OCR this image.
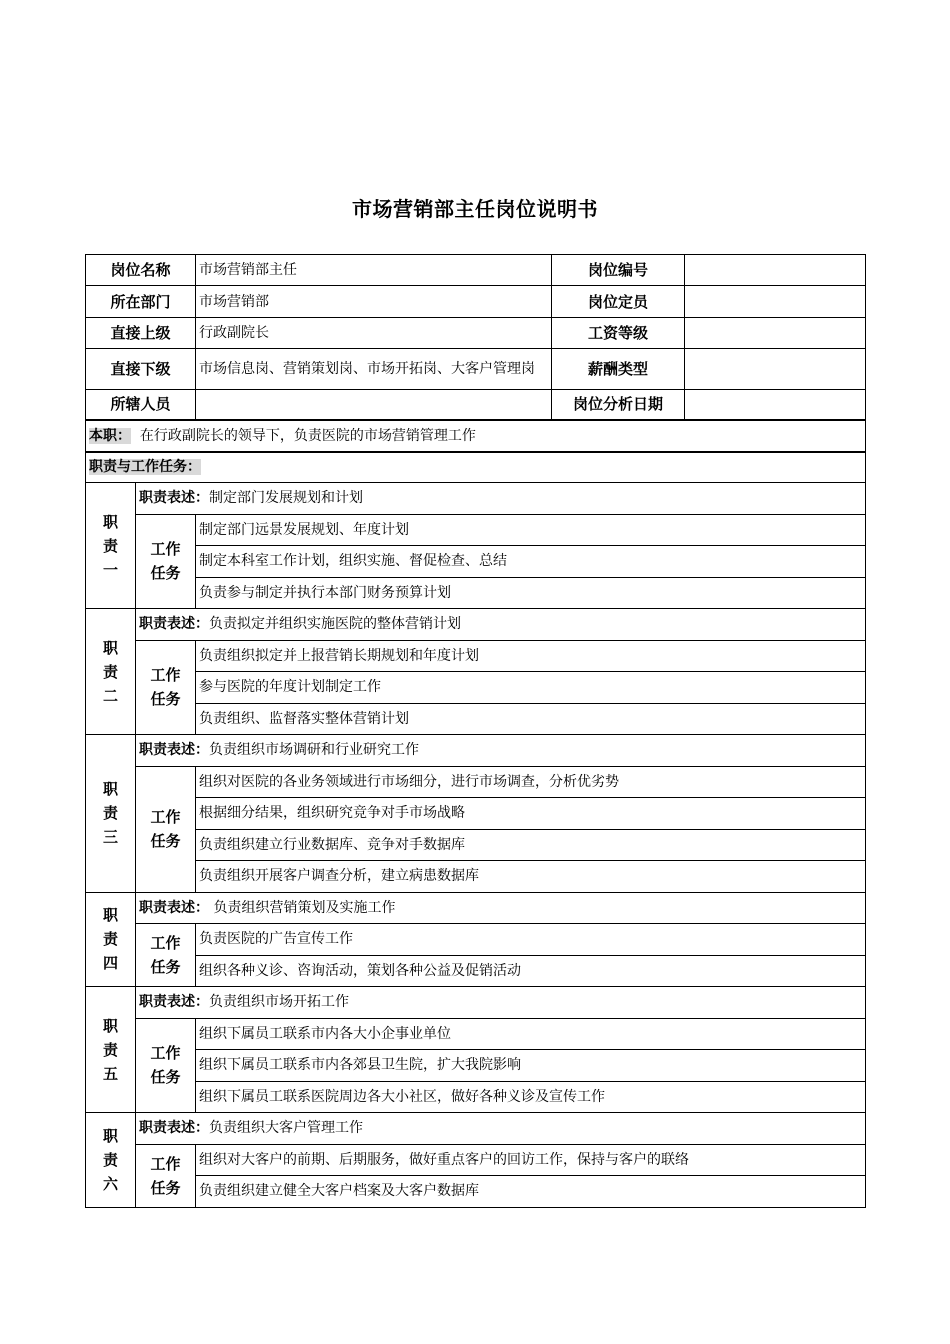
市场营销部主任岗位说明书
岗位名称		市场营销部主任	岗位编号	
所在部门		市场营销部	岗位定员	
直接上级		行政副院长	工资等级	
直接下级		市场信息岗、营销策划岗、市场开拓岗、大客户管理岗	薪酬类型	
所辖人员			岗位分析日期	
本职： 在行政副院长的领导下，负责医院的市场营销管理工作				
职责与工作任务：				

职
责
一	职责表述：制定部门发展规划和计划			

	工作
任务	制定部门远景发展规划、年度计划		
		制定本科室工作计划，组织实施、督促检查、总结		
		负责参与制定并执行本部门财务预算计划		

职
责
二	职责表述：负责拟定并组织实施医院的整体营销计划			

	工作
任务	负责组织拟定并上报营销长期规划和年度计划		
		参与医院的年度计划制定工作		
		负责组织、监督落实整体营销计划		

职
责
三	职责表述：负责组织市场调研和行业研究工作			

	工作
任务	组织对医院的各业务领域进行市场细分，进行市场调查，分析优劣势		
		根据细分结果，组织研究竞争对手市场战略		
		负责组织建立行业数据库、竞争对手数据库		
		负责组织开展客户调查分析，建立病患数据库		

职
责
四	职责表述： 负责组织营销策划及实施工作			

	工作
任务	负责医院的广告宣传工作		
		组织各种义诊、咨询活动，策划各种公益及促销活动		

职
责
五	职责表述：负责组织市场开拓工作			

	工作
任务	组织下属员工联系市内各大小企事业单位		
		组织下属员工联系市内各郊县卫生院，扩大我院影响		
		组织下属员工联系医院周边各大小社区，做好各种义诊及宣传工作		

职
责
六	职责表述：负责组织大客户管理工作			

	工作
任务	组织对大客户的前期、后期服务，做好重点客户的回访工作，保持与客户的联络		
		负责组织建立健全大客户档案及大客户数据库		
